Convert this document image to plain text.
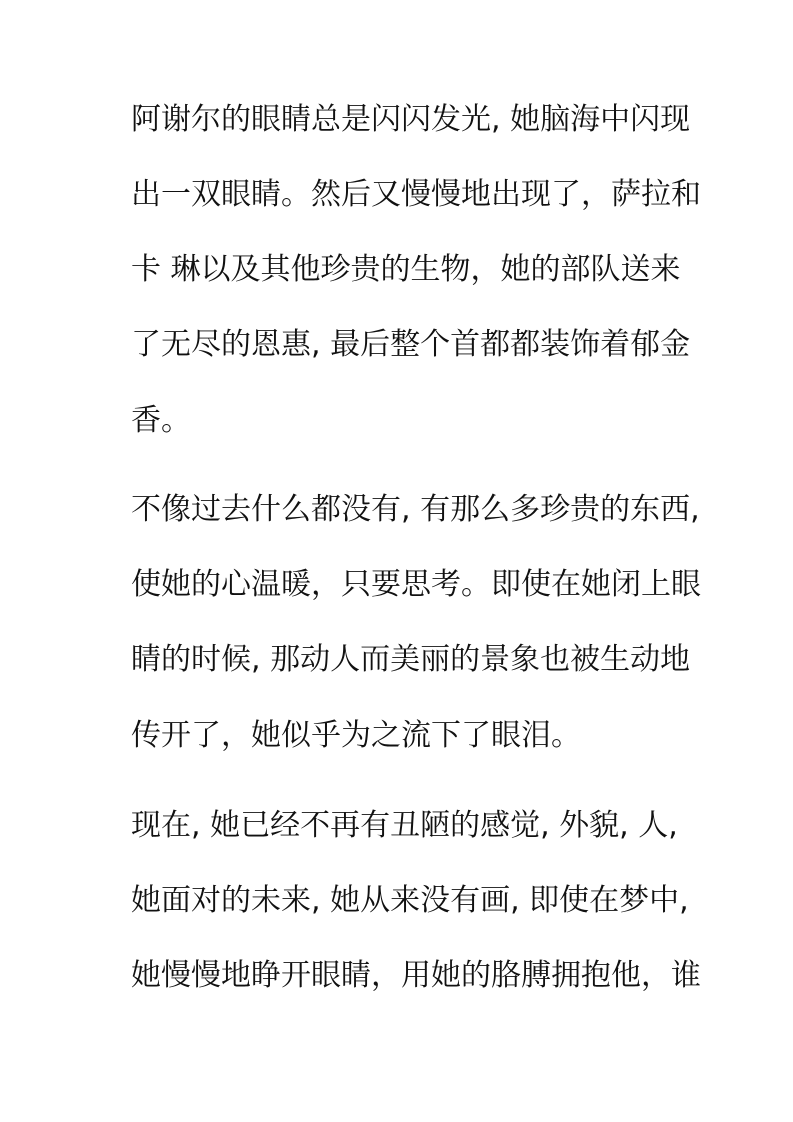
阿谢尔的眼睛总是闪闪发光, 她脑海中闪现
出一双眼睛。然后又慢慢地出现了，萨拉和
卡 琳以及其他珍贵的生物，她的部队送来
了无尽的恩惠, 最后整个首都都装饰着郁金
香。
不像过去什么都没有, 有那么多珍贵的东西,
使她的心温暖，只要思考。即使在她闭上眼
睛的时候, 那动人而美丽的景象也被生动地
传开了，她似乎为之流下了眼泪。
现在, 她已经不再有丑陋的感觉, 外貌, 人,
她面对的未来, 她从来没有画, 即使在梦中,
她慢慢地睁开眼睛，用她的胳膊拥抱他，谁
